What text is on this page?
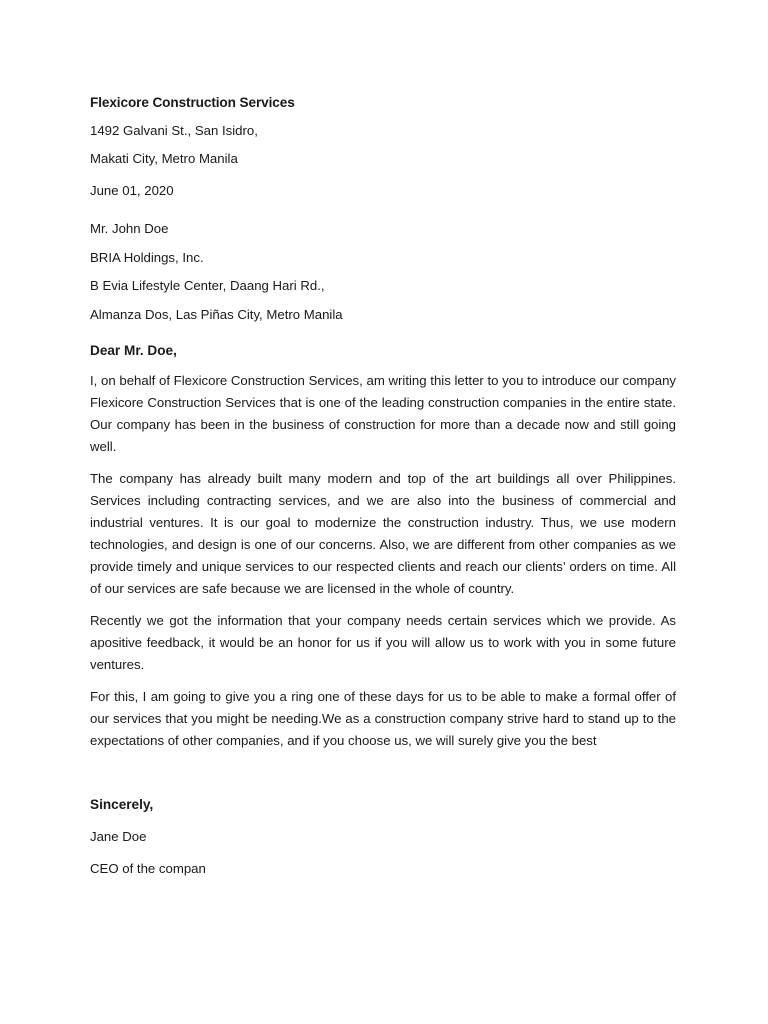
Flexicore Construction Services

1492 Galvani St., San Isidro,

Makati City, Metro Manila

June 01, 2020

Mr. John Doe

BRIA Holdings, Inc.

B Evia Lifestyle Center, Daang Hari Rd.,

Almanza Dos, Las Piñas City, Metro Manila

Dear Mr. Doe,

I, on behalf of Flexicore Construction Services, am writing this letter to you to introduce our company Flexicore Construction Services that is one of the leading construction companies in the entire state. Our company has been in the business of construction for more than a decade now and still going well.

The company has already built many modern and top of the art buildings all over Philippines. Services including contracting services, and we are also into the business of commercial and industrial ventures. It is our goal to modernize the construction industry. Thus, we use modern technologies, and design is one of our concerns. Also, we are different from other companies as we provide timely and unique services to our respected clients and reach our clients’ orders on time. All of our services are safe because we are licensed in the whole of country.

Recently we got the information that your company needs certain services which we provide. As apositive feedback, it would be an honor for us if you will allow us to work with you in some future ventures.

For this, I am going to give you a ring one of these days for us to be able to make a formal offer of our services that you might be needing.We as a construction company strive hard to stand up to the expectations of other companies, and if you choose us, we will surely give you the best

Sincerely,

Jane Doe

CEO of the compan
